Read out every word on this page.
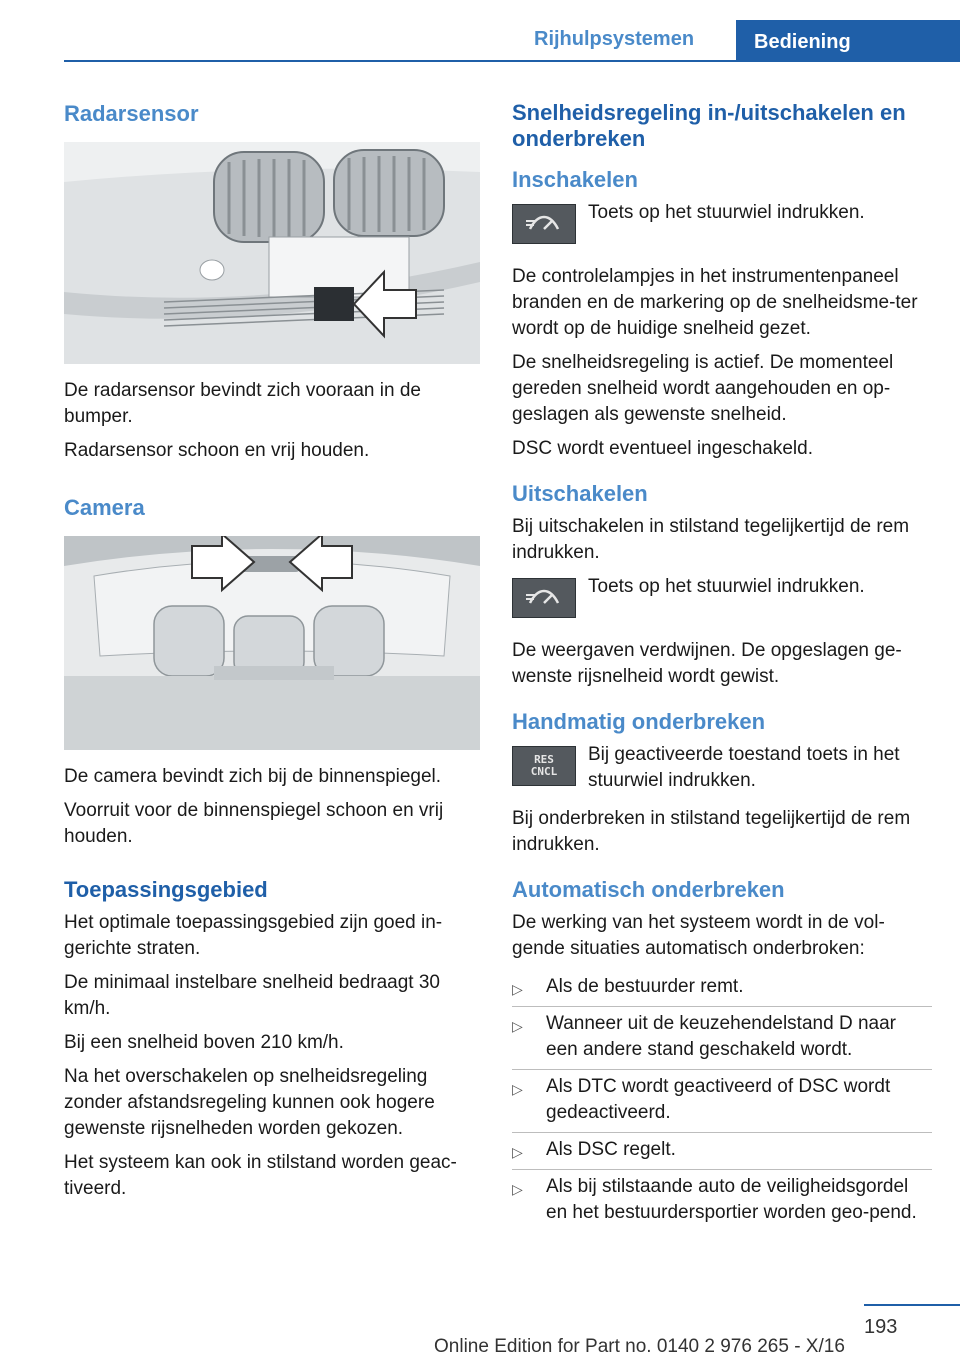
Rijhulpsystemen	Bediening
Radarsensor

De radarsensor bevindt zich vooraan in de bumper.

Radarsensor schoon en vrij houden.

Camera

De camera bevindt zich bij de binnenspiegel.

Voorruit voor de binnenspiegel schoon en vrij houden.

Toepassingsgebied

Het optimale toepassingsgebied zijn goed in-gerichte straten.

De minimaal instelbare snelheid bedraagt 30 km/h.

Bij een snelheid boven 210 km/h.

Na het overschakelen op snelheidsregeling zonder afstandsregeling kunnen ook hogere gewenste rijsnelheden worden gekozen.

Het systeem kan ook in stilstand worden geac-tiveerd.

Snelheidsregeling in-/uitschakelen en onderbreken
Inschakelen

Toets op het stuurwiel indrukken.

De controlelampjes in het instrumentenpaneel branden en de markering op de snelheidsme-ter wordt op de huidige snelheid gezet.

De snelheidsregeling is actief. De momenteel gereden snelheid wordt aangehouden en op-geslagen als gewenste snelheid.

DSC wordt eventueel ingeschakeld.

Uitschakelen

Bij uitschakelen in stilstand tegelijkertijd de rem indrukken.

Toets op het stuurwiel indrukken.

De weergaven verdwijnen. De opgeslagen ge-wenste rijsnelheid wordt gewist.

Handmatig onderbreken
RES
CNCL

Bij geactiveerde toestand toets in het stuurwiel indrukken.

Bij onderbreken in stilstand tegelijkertijd de rem indrukken.

Automatisch onderbreken

De werking van het systeem wordt in de vol-gende situaties automatisch onderbroken:

▷ Als de bestuurder remt.
▷ Wanneer uit de keuzehendelstand D naar een andere stand geschakeld wordt.
▷ Als DTC wordt geactiveerd of DSC wordt gedeactiveerd.
▷ Als DSC regelt.
▷ Als bij stilstaande auto de veiligheidsgordel en het bestuurdersportier worden geo-pend.
193
Online Edition for Part no. 0140 2 976 265 - X/16
